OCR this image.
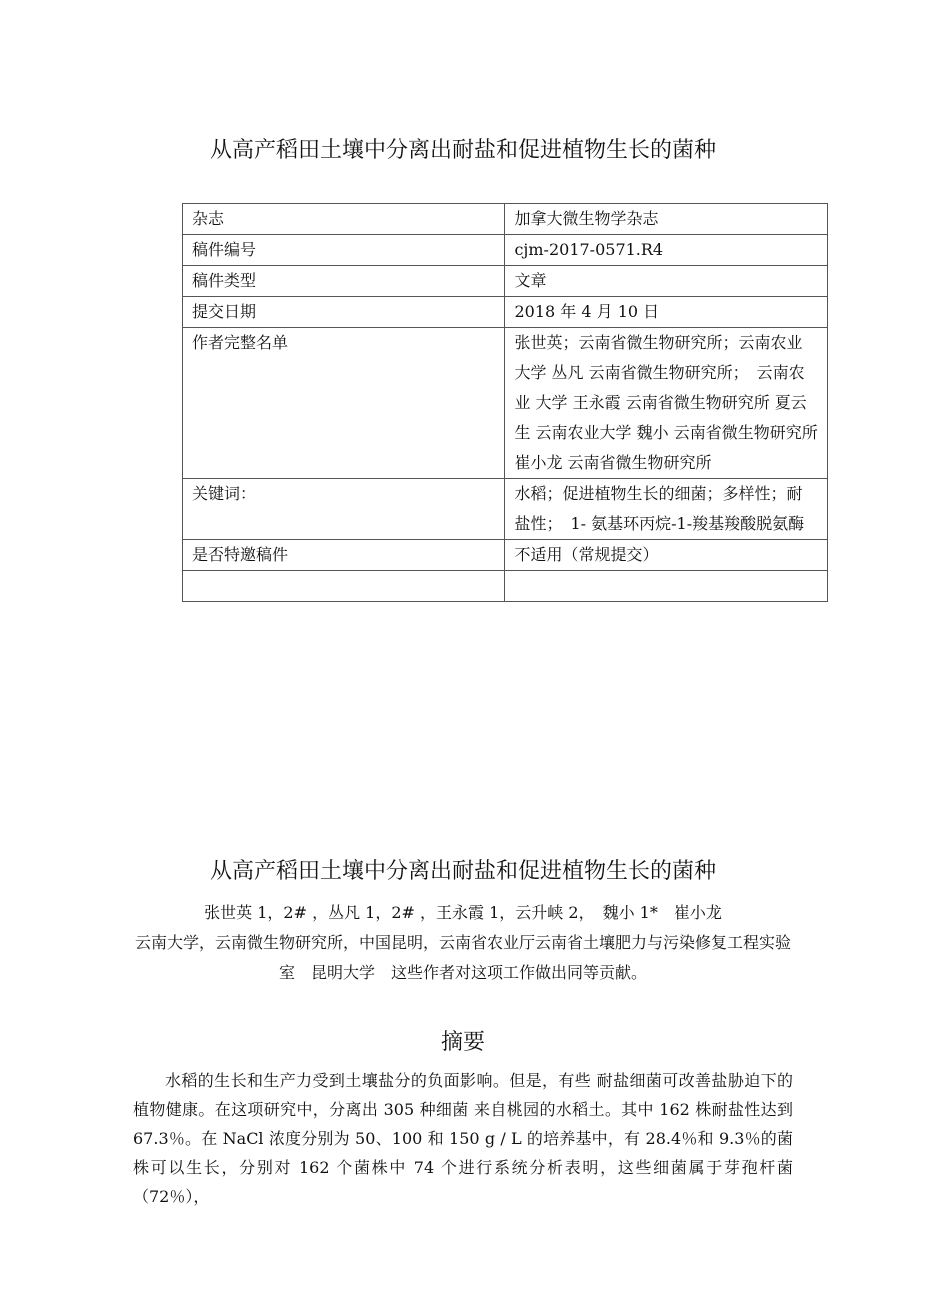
从高产稻田土壤中分离出耐盐和促进植物生长的菌种
杂志	加拿大微生物学杂志
稿件编号	cjm-2017-0571.R4
稿件类型	文章
提交日期	2018 年 4 月 10 日
作者完整名单	张世英；云南省微生物研究所；云南农业 大学 丛凡 云南省微生物研究所；　云南农业 大学 王永霞 云南省微生物研究所 夏云生 云南农业大学 魏小 云南省微生物研究所 崔小龙 云南省微生物研究所
关键词：	水稻；促进植物生长的细菌；多样性；耐盐性；　1- 氨基环丙烷-1-羧基羧酸脱氨酶
是否特邀稿件	不适用（常规提交）

从高产稻田土壤中分离出耐盐和促进植物生长的菌种

张世英 1，2# ，丛凡 1，2# ，王永霞 1，云升峡 2，　魏小 1*　崔小龙

云南大学，云南微生物研究所，中国昆明，云南省农业厅云南省土壤肥力与污染修复工程实验室　昆明大学　这些作者对这项工作做出同等贡献。

摘要

水稻的生长和生产力受到土壤盐分的负面影响。但是，有些 耐盐细菌可改善盐胁迫下的植物健康。在这项研究中，分离出 305 种细菌 来自桃园的水稻土。其中 162 株耐盐性达到 67.3％。在 NaCl 浓度分别为 50、100 和 150 g / L 的培养基中，有 28.4％和 9.3％的菌株可以生长，分别对 162 个菌株中 74 个进行系统分析表明，这些细菌属于芽孢杆菌（72％），
